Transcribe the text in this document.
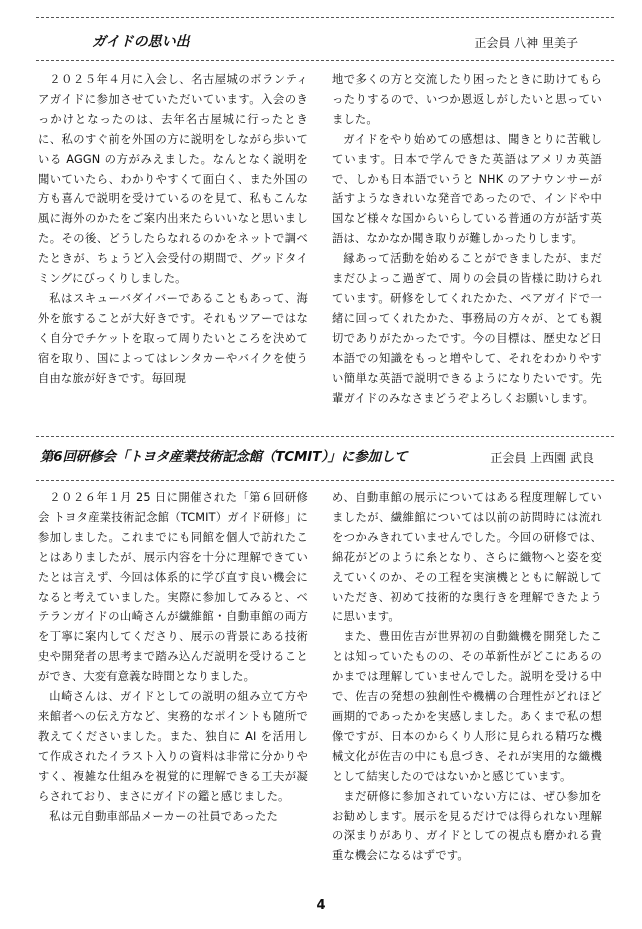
ガイドの思い出	正会員 八神 里美子

２０２５年４月に入会し、名古屋城のボランティアガイドに参加させていただいています。入会のきっかけとなったのは、去年名古屋城に行ったときに、私のすぐ前を外国の方に説明をしながら歩いている AGGN の方がみえました。なんとなく説明を聞いていたら、わかりやすくて面白く、また外国の方も喜んで説明を受けているのを見て、私もこんな風に海外のかたをご案内出来たらいいなと思いました。その後、どうしたらなれるのかをネットで調べたときが、ちょうど入会受付の期間で、グッドタイミングにびっくりしました。

私はスキューバダイバーであることもあって、海外を旅することが大好きです。それもツアーではなく自分でチケットを取って周りたいところを決めて宿を取り、国によってはレンタカーやバイクを使う自由な旅が好きです。毎回現

地で多くの方と交流したり困ったときに助けてもらったりするので、いつか恩返しがしたいと思っていました。

ガイドをやり始めての感想は、聞きとりに苦戦しています。日本で学んできた英語はアメリカ英語で、しかも日本語でいうと NHK のアナウンサーが話すようなきれいな発音であったので、インドや中国など様々な国からいらしている普通の方が話す英語は、なかなか聞き取りが難しかったりします。

縁あって活動を始めることができましたが、まだまだひよっこ過ぎて、周りの会員の皆様に助けられています。研修をしてくれたかた、ペアガイドで一緒に回ってくれたかた、事務局の方々が、とても親切でありがたかったです。今の目標は、歴史など日本語での知識をもっと増やして、それをわかりやすい簡単な英語で説明できるようになりたいです。先輩ガイドのみなさまどうぞよろしくお願いします。

第6回研修会「トヨタ産業技術記念館（TCMIT）」に参加して	正会員 上西園 武良

２０２６年１月 25 日に開催された「第６回研修会 トヨタ産業技術記念館（TCMIT）ガイド研修」に参加しました。これまでにも同館を個人で訪れたことはありましたが、展示内容を十分に理解できていたとは言えず、今回は体系的に学び直す良い機会になると考えていました。実際に参加してみると、ベテランガイドの山崎さんが繊維館・自動車館の両方を丁寧に案内してくださり、展示の背景にある技術史や開発者の思考まで踏み込んだ説明を受けることができ、大変有意義な時間となりました。

山崎さんは、ガイドとしての説明の組み立て方や来館者への伝え方など、実務的なポイントも随所で教えてくださいました。また、独自に AI を活用して作成されたイラスト入りの資料は非常に分かりやすく、複雑な仕組みを視覚的に理解できる工夫が凝らされており、まさにガイドの鑑と感じました。

私は元自動車部品メーカーの社員であったた

め、自動車館の展示についてはある程度理解していましたが、繊維館については以前の訪問時には流れをつかみきれていませんでした。今回の研修では、綿花がどのように糸となり、さらに織物へと姿を変えていくのか、その工程を実演機とともに解説していただき、初めて技術的な奥行きを理解できたように思います。

また、豊田佐吉が世界初の自動織機を開発したことは知っていたものの、その革新性がどこにあるのかまでは理解していませんでした。説明を受ける中で、佐吉の発想の独創性や機構の合理性がどれほど画期的であったかを実感しました。あくまで私の想像ですが、日本のからくり人形に見られる精巧な機械文化が佐吉の中にも息づき、それが実用的な織機として結実したのではないかと感じています。

まだ研修に参加されていない方には、ぜひ参加をお勧めします。展示を見るだけでは得られない理解の深まりがあり、ガイドとしての視点も磨かれる貴重な機会になるはずです。

4
